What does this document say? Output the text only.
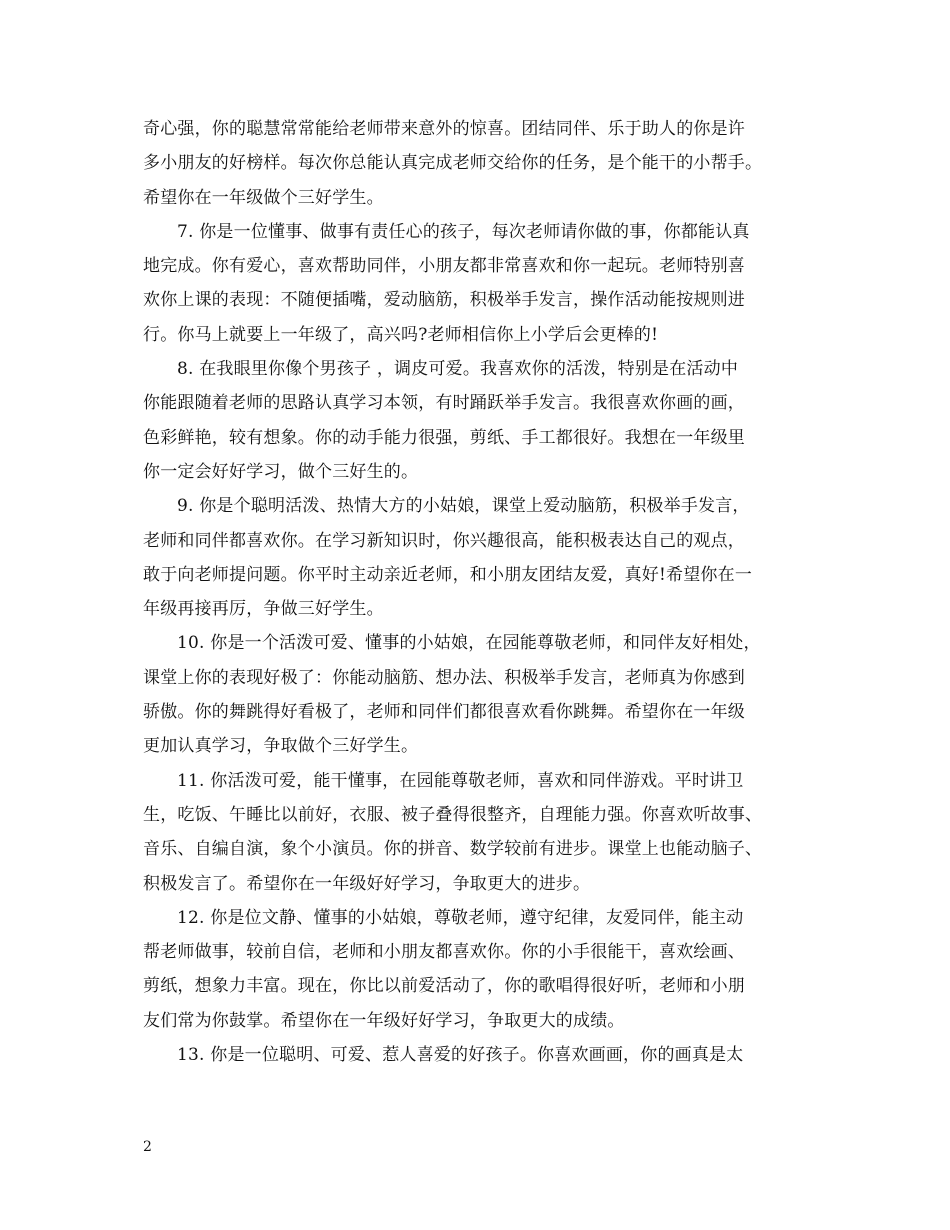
奇心强，你的聪慧常常能给老师带来意外的惊喜。团结同伴、乐于助人的你是许
多小朋友的好榜样。每次你总能认真完成老师交给你的任务，是个能干的小帮手。
希望你在一年级做个三好学生。
7. 你是一位懂事、做事有责任心的孩子，每次老师请你做的事，你都能认真
地完成。你有爱心，喜欢帮助同伴，小朋友都非常喜欢和你一起玩。老师特别喜
欢你上课的表现：不随便插嘴，爱动脑筋，积极举手发言，操作活动能按规则进
行。你马上就要上一年级了，高兴吗?老师相信你上小学后会更棒的!
8. 在我眼里你像个男孩子 ，调皮可爱。我喜欢你的活泼，特别是在活动中
你能跟随着老师的思路认真学习本领，有时踊跃举手发言。我很喜欢你画的画，
色彩鲜艳，较有想象。你的动手能力很强，剪纸、手工都很好。我想在一年级里
你一定会好好学习，做个三好生的。
9. 你是个聪明活泼、热情大方的小姑娘，课堂上爱动脑筋，积极举手发言，
老师和同伴都喜欢你。在学习新知识时，你兴趣很高，能积极表达自己的观点，
敢于向老师提问题。你平时主动亲近老师，和小朋友团结友爱，真好!希望你在一
年级再接再厉，争做三好学生。
10. 你是一个活泼可爱、懂事的小姑娘，在园能尊敬老师，和同伴友好相处，
课堂上你的表现好极了：你能动脑筋、想办法、积极举手发言，老师真为你感到
骄傲。你的舞跳得好看极了，老师和同伴们都很喜欢看你跳舞。希望你在一年级
更加认真学习，争取做个三好学生。
11. 你活泼可爱，能干懂事，在园能尊敬老师，喜欢和同伴游戏。平时讲卫
生，吃饭、午睡比以前好，衣服、被子叠得很整齐，自理能力强。你喜欢听故事、
音乐、自编自演，象个小演员。你的拼音、数学较前有进步。课堂上也能动脑子、
积极发言了。希望你在一年级好好学习，争取更大的进步。
12. 你是位文静、懂事的小姑娘，尊敬老师，遵守纪律，友爱同伴，能主动
帮老师做事，较前自信，老师和小朋友都喜欢你。你的小手很能干，喜欢绘画、
剪纸，想象力丰富。现在，你比以前爱活动了，你的歌唱得很好听，老师和小朋
友们常为你鼓掌。希望你在一年级好好学习，争取更大的成绩。
13. 你是一位聪明、可爱、惹人喜爱的好孩子。你喜欢画画，你的画真是太
2
